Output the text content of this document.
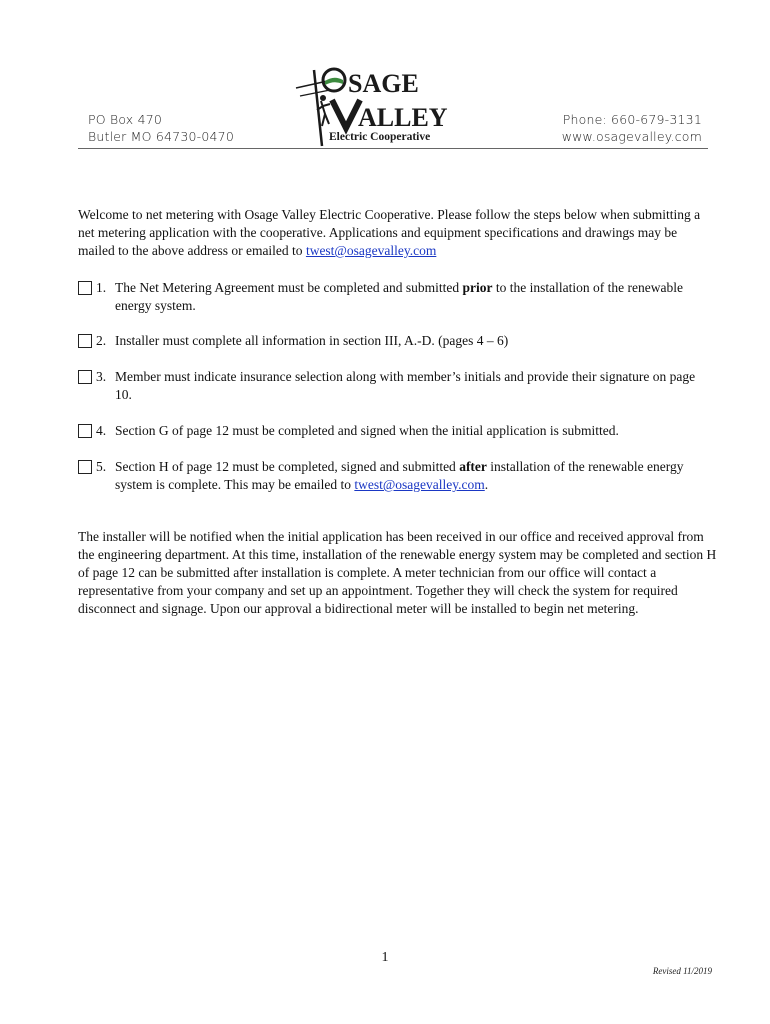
PO Box 470
Butler MO 64730-0470
Phone: 660-679-3131
www.osagevalley.com
SAGE
ALLEY
Electric Cooperative

Welcome to net metering with Osage Valley Electric Cooperative. Please follow the steps below when submitting a net metering application with the cooperative. Applications and equipment specifications and drawings may be mailed to the above address or emailed to twest@osagevalley.com

1. The Net Metering Agreement must be completed and submitted prior to the installation of the renewable energy system.
2. Installer must complete all information in section III, A.-D. (pages 4 – 6)
3. Member must indicate insurance selection along with member’s initials and provide their signature on page 10.
4. Section G of page 12 must be completed and signed when the initial application is submitted.
5. Section H of page 12 must be completed, signed and submitted after installation of the renewable energy system is complete. This may be emailed to twest@osagevalley.com.

The installer will be notified when the initial application has been received in our office and received approval from the engineering department. At this time, installation of the renewable energy system may be completed and section H of page 12 can be submitted after installation is complete. A meter technician from our office will contact a representative from your company and set up an appointment. Together they will check the system for required disconnect and signage. Upon our approval a bidirectional meter will be installed to begin net metering.

1
Revised 11/2019
